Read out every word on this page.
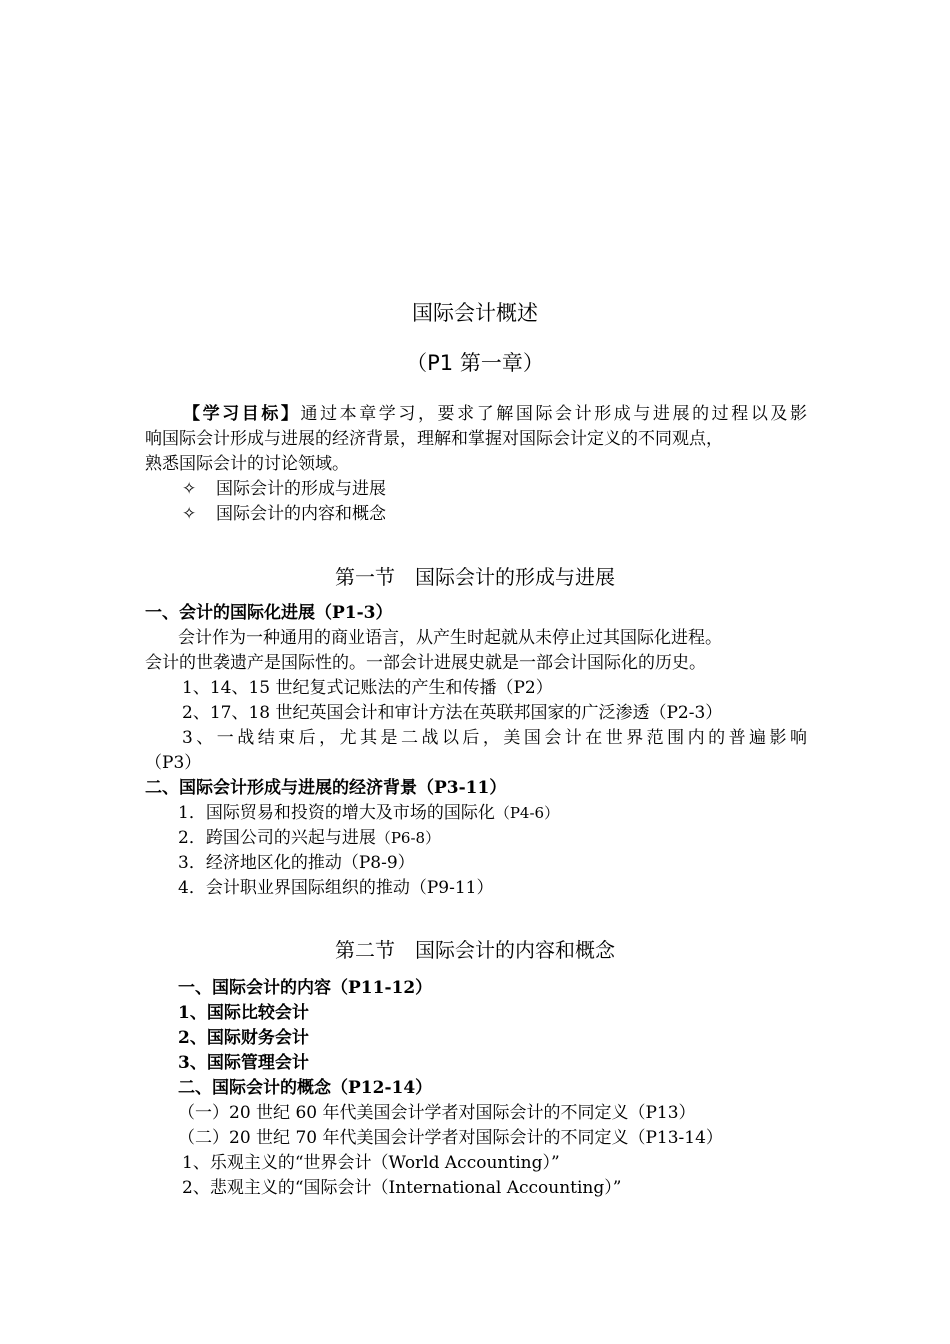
国际会计概述
（P1 第一章）
【学习目标】通过本章学习，要求了解国际会计形成与进展的过程以及影
响国际会计形成与进展的经济背景，理解和掌握对国际会计定义的不同观点，
熟悉国际会计的讨论领域。
✧ 国际会计的形成与进展
✧ 国际会计的内容和概念
第一节　国际会计的形成与进展
一、会计的国际化进展（P1-3）
会计作为一种通用的商业语言，从产生时起就从未停止过其国际化进程。
会计的世袭遗产是国际性的。一部会计进展史就是一部会计国际化的历史。
1、14、15 世纪复式记账法的产生和传播（P2）
2、17、18 世纪英国会计和审计方法在英联邦国家的广泛渗透（P2-3）
3、一战结束后，尤其是二战以后，美国会计在世界范围内的普遍影响
（P3）
二、国际会计形成与进展的经济背景（P3-11）
1．国际贸易和投资的增大及市场的国际化（P4-6）
2．跨国公司的兴起与进展（P6-8）
3．经济地区化的推动（P8-9）
4．会计职业界国际组织的推动（P9-11）
第二节　国际会计的内容和概念
一、国际会计的内容（P11-12）
1、国际比较会计
2、国际财务会计
3、国际管理会计
二、国际会计的概念（P12-14）
（一）20 世纪 60 年代美国会计学者对国际会计的不同定义（P13）
（二）20 世纪 70 年代美国会计学者对国际会计的不同定义（P13-14）
1、乐观主义的“世界会计（World Accounting）”
2、悲观主义的“国际会计（International Accounting）”
